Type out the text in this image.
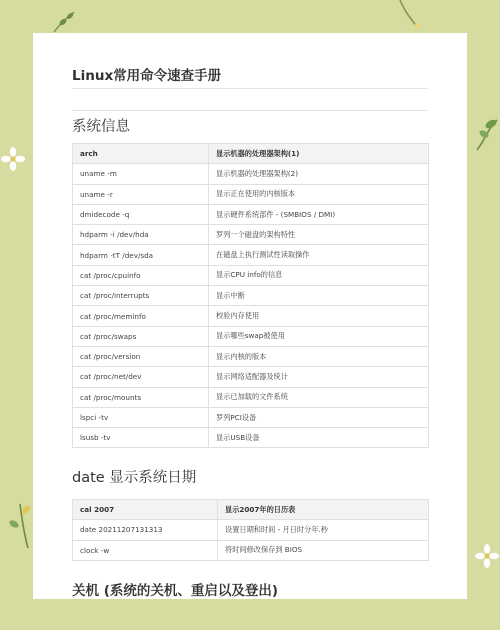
Linux常用命令速查手册
系统信息
arch	显示机器的处理器架构(1)
uname -m	显示机器的处理器架构(2)
uname -r	显示正在使用的内核版本
dmidecode -q	显示硬件系统部件 - (SMBIOS / DMI)
hdparm -i /dev/hda	罗列一个磁盘的架构特性
hdparm -tT /dev/sda	在磁盘上执行测试性读取操作
cat /proc/cpuinfo	显示CPU info的信息
cat /proc/interrupts	显示中断
cat /proc/meminfo	校验内存使用
cat /proc/swaps	显示哪些swap被使用
cat /proc/version	显示内核的版本
cat /proc/net/dev	显示网络适配器及统计
cat /proc/mounts	显示已加载的文件系统
lspci -tv	罗列PCI设备
lsusb -tv	显示USB设备
date 显示系统日期
cal 2007	显示2007年的日历表
date 20211207131313	设置日期和时间 - 月日时分年.秒
clock -w	将时间修改保存到 BIOS
关机 (系统的关机、重启以及登出)
